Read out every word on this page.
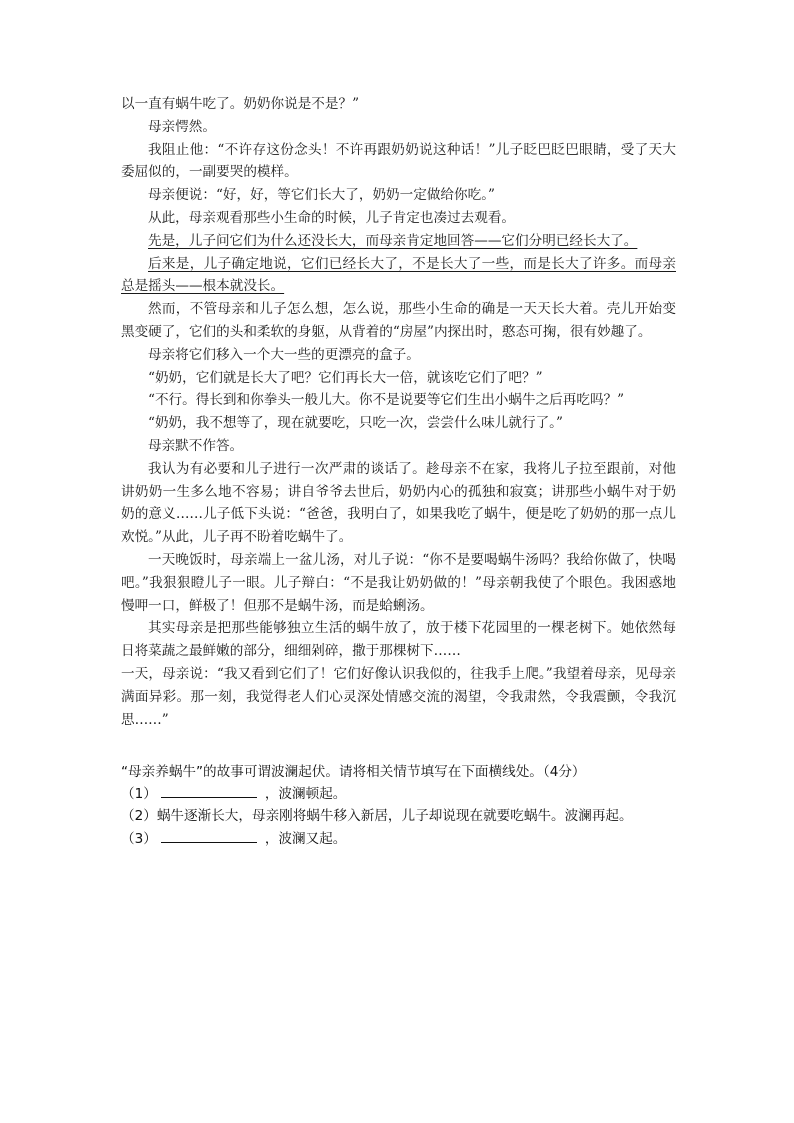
以一直有蜗牛吃了。奶奶你说是不是？”

母亲愕然。

我阻止他：“不许存这份念头！不许再跟奶奶说这种话！”儿子眨巴眨巴眼睛，受了天大委屈似的，一副要哭的模样。

母亲便说：“好，好，等它们长大了，奶奶一定做给你吃。”

从此，母亲观看那些小生命的时候，儿子肯定也凑过去观看。

先是，儿子问它们为什么还没长大，而母亲肯定地回答——它们分明已经长大了。

后来是，儿子确定地说，它们已经长大了，不是长大了一些，而是长大了许多。而母亲总是摇头——根本就没长。

然而，不管母亲和儿子怎么想，怎么说，那些小生命的确是一天天长大着。壳儿开始变黑变硬了，它们的头和柔软的身躯，从背着的“房屋”内探出时，憨态可掬，很有妙趣了。

母亲将它们移入一个大一些的更漂亮的盒子。

“奶奶，它们就是长大了吧？它们再长大一倍，就该吃它们了吧？”

“不行。得长到和你拳头一般儿大。你不是说要等它们生出小蜗牛之后再吃吗？”

“奶奶，我不想等了，现在就要吃，只吃一次，尝尝什么味儿就行了。”

母亲默不作答。

我认为有必要和儿子进行一次严肃的谈话了。趁母亲不在家，我将儿子拉至跟前，对他讲奶奶一生多么地不容易；讲自爷爷去世后，奶奶内心的孤独和寂寞；讲那些小蜗牛对于奶奶的意义……儿子低下头说：“爸爸，我明白了，如果我吃了蜗牛，便是吃了奶奶的那一点儿欢悦。”从此，儿子再不盼着吃蜗牛了。

一天晚饭时，母亲端上一盆儿汤，对儿子说：“你不是要喝蜗牛汤吗？我给你做了，快喝吧。”我狠狠瞪儿子一眼。儿子辩白：“不是我让奶奶做的！”母亲朝我使了个眼色。我困惑地慢呷一口，鲜极了！但那不是蜗牛汤，而是蛤蜊汤。

其实母亲是把那些能够独立生活的蜗牛放了，放于楼下花园里的一棵老树下。她依然每日将菜蔬之最鲜嫩的部分，细细剁碎，撒于那棵树下……

一天，母亲说：“我又看到它们了！它们好像认识我似的，往我手上爬。”我望着母亲，见母亲满面异彩。那一刻，我觉得老人们心灵深处情感交流的渴望，令我肃然，令我震颤，令我沉思……”

“母亲养蜗牛”的故事可谓波澜起伏。请将相关情节填写在下面横线处。（4分）

（1）	，波澜顿起。

（2）蜗牛逐渐长大，母亲刚将蜗牛移入新居，儿子却说现在就要吃蜗牛。波澜再起。

（3）	，波澜又起。
